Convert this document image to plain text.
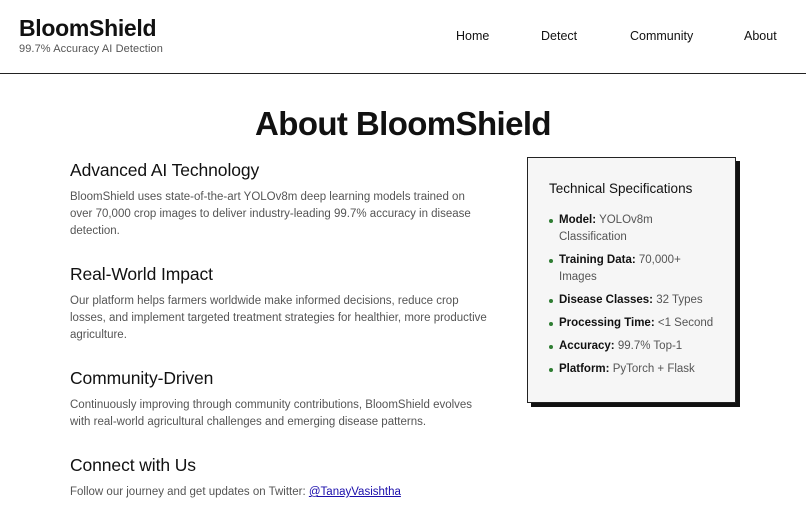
BloomShield
99.7% Accuracy AI Detection
Home	Detect	Community	About
About BloomShield
Advanced AI Technology

BloomShield uses state-of-the-art YOLOv8m deep learning models trained on over 70,000 crop images to deliver industry-leading 99.7% accuracy in disease detection.

Real-World Impact

Our platform helps farmers worldwide make informed decisions, reduce crop losses, and implement targeted treatment strategies for healthier, more productive agriculture.

Community-Driven

Continuously improving through community contributions, BloomShield evolves with real-world agricultural challenges and emerging disease patterns.

Connect with Us

Follow our journey and get updates on Twitter: @TanayVasishtha

Technical Specifications
Model: YOLOv8m Classification
Training Data: 70,000+ Images
Disease Classes: 32 Types
Processing Time: <1 Second
Accuracy: 99.7% Top-1
Platform: PyTorch + Flask
